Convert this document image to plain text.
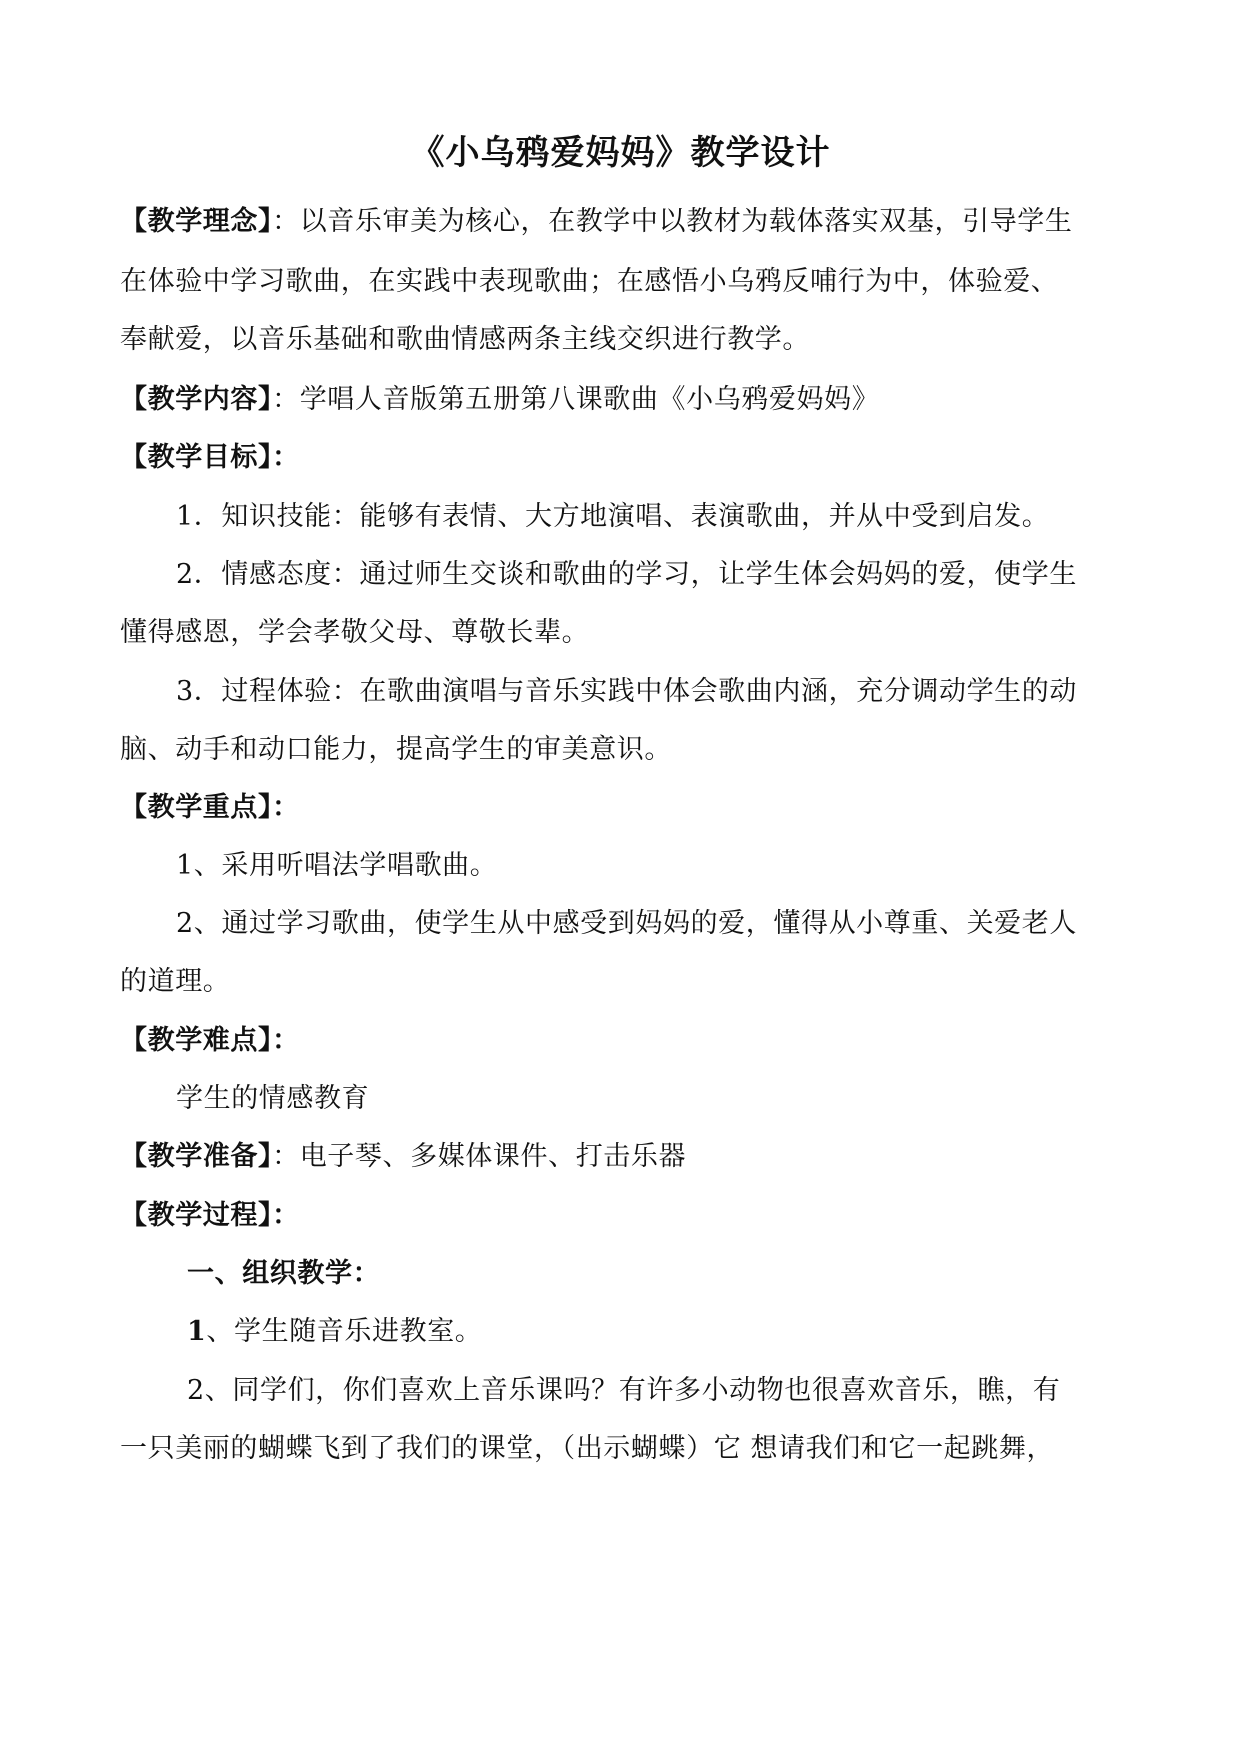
《小乌鸦爱妈妈》教学设计
【教学理念】：以音乐审美为核心，在教学中以教材为载体落实双基，引导学生
在体验中学习歌曲，在实践中表现歌曲；在感悟小乌鸦反哺行为中，体验爱、
奉献爱，以音乐基础和歌曲情感两条主线交织进行教学。
【教学内容】：学唱人音版第五册第八课歌曲《小乌鸦爱妈妈》
【教学目标】：
1．知识技能：能够有表情、大方地演唱、表演歌曲，并从中受到启发。
2．情感态度：通过师生交谈和歌曲的学习，让学生体会妈妈的爱，使学生
懂得感恩，学会孝敬父母、尊敬长辈。
3．过程体验：在歌曲演唱与音乐实践中体会歌曲内涵，充分调动学生的动
脑、动手和动口能力，提高学生的审美意识。
【教学重点】：
1、采用听唱法学唱歌曲。
2、通过学习歌曲，使学生从中感受到妈妈的爱，懂得从小尊重、关爱老人
的道理。
【教学难点】：
学生的情感教育
【教学准备】：电子琴、多媒体课件、打击乐器
【教学过程】：
一、组织教学：
1、学生随音乐进教室。
2、同学们，你们喜欢上音乐课吗？有许多小动物也很喜欢音乐，瞧，有
一只美丽的蝴蝶飞到了我们的课堂，（出示蝴蝶）它 想请我们和它一起跳舞，
